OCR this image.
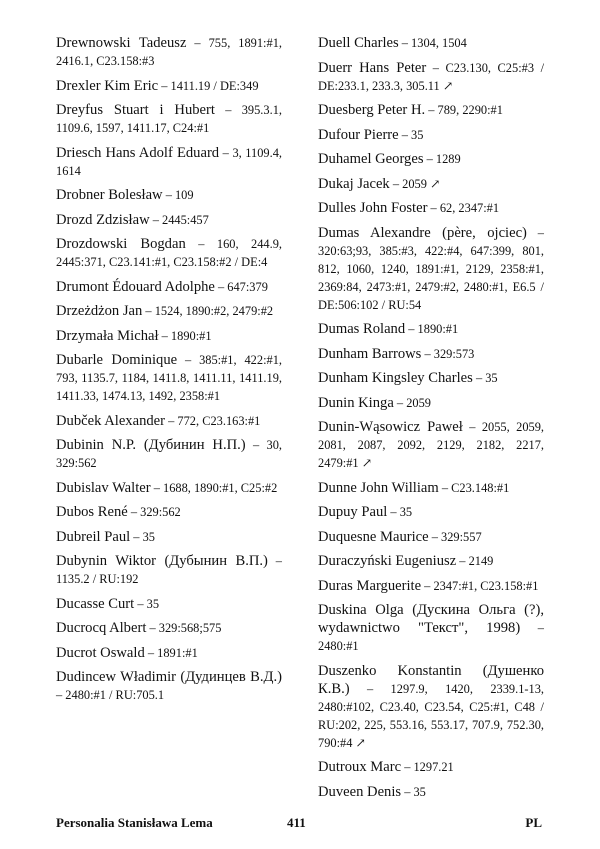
Drewnowski Tadeusz – 755, 1891:#1, 2416.1, C23.158:#3

Drexler Kim Eric – 1411.19 / DE:349

Dreyfus Stuart i Hubert – 395.3.1, 1109.6, 1597, 1411.17, C24:#1

Driesch Hans Adolf Eduard – 3, 1109.4, 1614

Drobner Bolesław – 109

Drozd Zdzisław – 2445:457

Drozdowski Bogdan – 160, 244.9, 2445:371, C23.141:#1, C23.158:#2 / DE:4

Drumont Édouard Adolphe – 647:379

Drzeżdżon Jan – 1524, 1890:#2, 2479:#2

Drzymała Michał – 1890:#1

Dubarle Dominique – 385:#1, 422:#1, 793, 1135.7, 1184, 1411.8, 1411.11, 1411.19, 1411.33, 1474.13, 1492, 2358:#1

Dubček Alexander – 772, C23.163:#1

Dubinin N.P. (Дубинин Н.П.) – 30, 329:562

Dubislav Walter – 1688, 1890:#1, C25:#2

Dubos René – 329:562

Dubreil Paul – 35

Dubynin Wiktor (Дубынин В.П.) – 1135.2 / RU:192

Ducasse Curt – 35

Ducrocq Albert – 329:568;575

Ducrot Oswald – 1891:#1

Dudincew Władimir (Дудинцев В.Д.) – 2480:#1 / RU:705.1

Duell Charles – 1304, 1504

Duerr Hans Peter – C23.130, C25:#3 / DE:233.1, 233.3, 305.11 ↗

Duesberg Peter H. – 789, 2290:#1

Dufour Pierre – 35

Duhamel Georges – 1289

Dukaj Jacek – 2059 ↗

Dulles John Foster – 62, 2347:#1

Dumas Alexandre (père, ojciec) – 320:63;93, 385:#3, 422:#4, 647:399, 801, 812, 1060, 1240, 1891:#1, 2129, 2358:#1, 2369:84, 2473:#1, 2479:#2, 2480:#1, E6.5 / DE:506:102 / RU:54

Dumas Roland – 1890:#1

Dunham Barrows – 329:573

Dunham Kingsley Charles – 35

Dunin Kinga – 2059

Dunin-Wąsowicz Paweł – 2055, 2059, 2081, 2087, 2092, 2129, 2182, 2217, 2479:#1 ↗

Dunne John William – C23.148:#1

Dupuy Paul – 35

Duquesne Maurice – 329:557

Duraczyński Eugeniusz – 2149

Duras Marguerite – 2347:#1, C23.158:#1

Duskina Olga (Дускина Ольга (?), wydawnictwo "Текст", 1998) – 2480:#1

Duszenko Konstantin (Душенко К.В.) – 1297.9, 1420, 2339.1-13, 2480:#102, C23.40, C23.54, C25:#1, C48 / RU:202, 225, 553.16, 553.17, 707.9, 752.30, 790:#4 ↗

Dutroux Marc – 1297.21

Duveen Denis – 35

Personalia Stanisława Lema	411	PL
